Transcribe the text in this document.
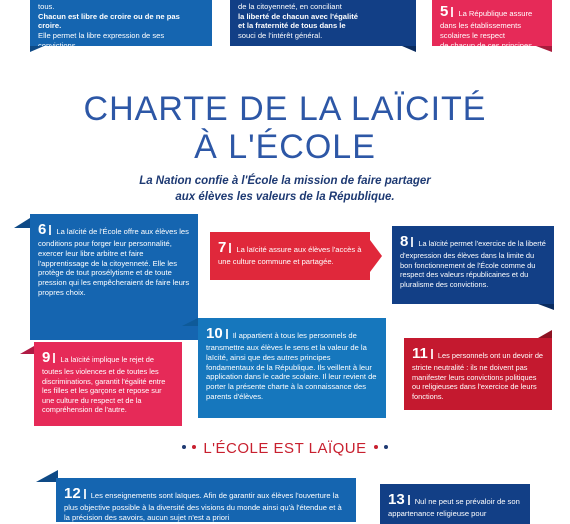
tous.
Chacun est libre de croire ou de ne pas croire.
Elle permet la libre expression de ses convictions,
dans le respect de celles d'autrui et dans les limites
de l'ordre public.
de la citoyenneté, en conciliant
la liberté de chacun avec l'égalité
et la fraternité de tous dans le
souci de l'intérêt général.
5 La République assure
dans les établissements
scolaires le respect
de chacun de ces principes.
CHARTE DE LA LAÏCITÉ
À L'ÉCOLE
La Nation confie à l'École la mission de faire partager
aux élèves les valeurs de la République.
6 La laïcité de l'École offre aux élèves les conditions pour forger leur personnalité, exercer leur libre arbitre et faire l'apprentissage de la citoyenneté. Elle les protège de tout prosélytisme et de toute pression qui les empêcheraient de faire leurs propres choix.
7 La laïcité assure aux élèves l'accès à une culture commune et partagée.
8 La laïcité permet l'exercice de la liberté d'expression des élèves dans la limite du bon fonctionnement de l'École comme du respect des valeurs républicaines et du pluralisme des convictions.
9 La laïcité implique le rejet de toutes les violences et de toutes les discriminations, garantit l'égalité entre les filles et les garçons et repose sur une culture du respect et de la compréhension de l'autre.
10 Il appartient à tous les personnels de transmettre aux élèves le sens et la valeur de la laïcité, ainsi que des autres principes fondamentaux de la République. Ils veillent à leur application dans le cadre scolaire. Il leur revient de porter la présente charte à la connaissance des parents d'élèves.
11 Les personnels ont un devoir de stricte neutralité : ils ne doivent pas manifester leurs convictions politiques ou religieuses dans l'exercice de leurs fonctions.
L'ÉCOLE EST LAÏQUE
12 Les enseignements sont laïques. Afin de garantir aux élèves l'ouverture la plus objective possible à la diversité des visions du monde ainsi qu'à l'étendue et à la précision des savoirs, aucun sujet n'est a priori
13 Nul ne peut se prévaloir de son appartenance religieuse pour
